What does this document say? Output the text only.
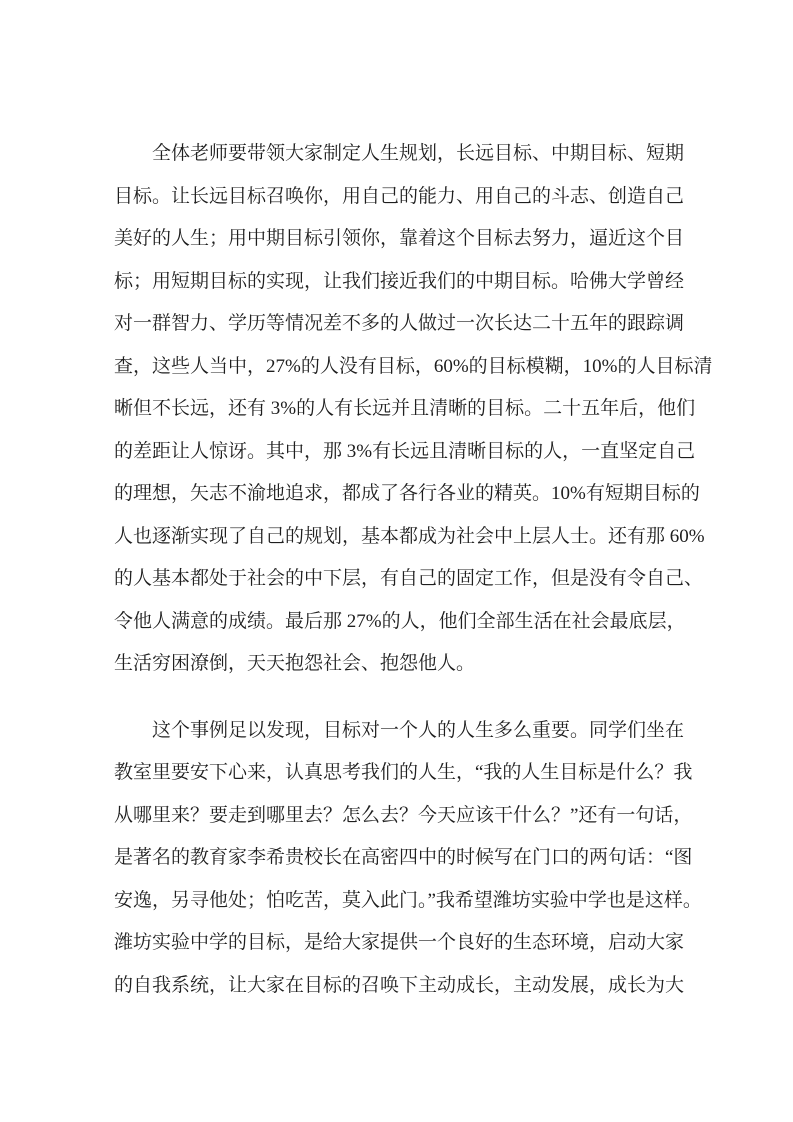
全体老师要带领大家制定人生规划，长远目标、中期目标、短期
目标。让长远目标召唤你，用自己的能力、用自己的斗志、创造自己
美好的人生；用中期目标引领你，靠着这个目标去努力，逼近这个目
标；用短期目标的实现，让我们接近我们的中期目标。哈佛大学曾经
对一群智力、学历等情况差不多的人做过一次长达二十五年的跟踪调
查，这些人当中，27%的人没有目标，60%的目标模糊，10%的人目标清
晰但不长远，还有 3%的人有长远并且清晰的目标。二十五年后，他们
的差距让人惊讶。其中，那 3%有长远且清晰目标的人，一直坚定自己
的理想，矢志不渝地追求，都成了各行各业的精英。10%有短期目标的
人也逐渐实现了自己的规划，基本都成为社会中上层人士。还有那 60%
的人基本都处于社会的中下层，有自己的固定工作，但是没有令自己、
令他人满意的成绩。最后那 27%的人，他们全部生活在社会最底层，
生活穷困潦倒，天天抱怨社会、抱怨他人。
这个事例足以发现，目标对一个人的人生多么重要。同学们坐在
教室里要安下心来，认真思考我们的人生，“我的人生目标是什么？我
从哪里来？要走到哪里去？怎么去？今天应该干什么？”还有一句话，
是著名的教育家李希贵校长在高密四中的时候写在门口的两句话：“图
安逸，另寻他处；怕吃苦，莫入此门。”我希望潍坊实验中学也是这样。
潍坊实验中学的目标，是给大家提供一个良好的生态环境，启动大家
的自我系统，让大家在目标的召唤下主动成长，主动发展，成长为大
